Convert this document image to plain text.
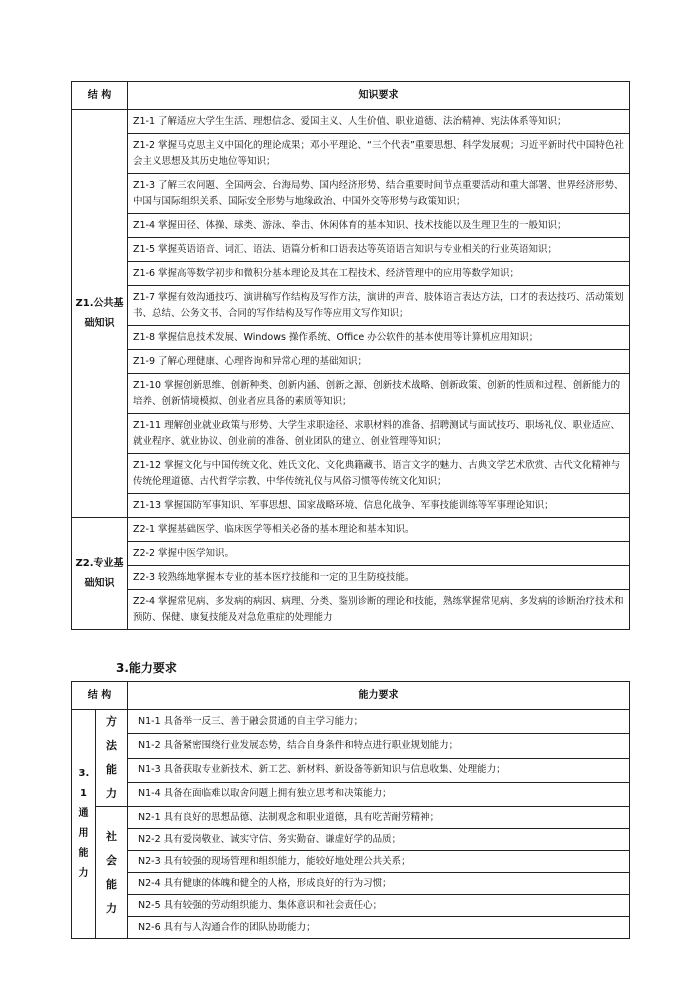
结 构	知识要求
Z1.公共基础知识	Z1-1 了解适应大学生生活、理想信念、爱国主义、人生价值、职业道德、法治精神、宪法体系等知识；
	Z1-2 掌握马克思主义中国化的理论成果；邓小平理论、“三个代表”重要思想、科学发展观；习近平新时代中国特色社会主义思想及其历史地位等知识；
	Z1-3 了解三农问题、全国两会、台海局势、国内经济形势、结合重要时间节点重要活动和重大部署、世界经济形势、中国与国际组织关系、国际安全形势与地缘政治、中国外交等形势与政策知识；
	Z1-4 掌握田径、体操、球类、游泳、拳击、休闲体育的基本知识、技术技能以及生理卫生的一般知识；
	Z1-5 掌握英语语音、词汇、语法、语篇分析和口语表达等英语语言知识与专业相关的行业英语知识；
	Z1-6 掌握高等数学初步和微积分基本理论及其在工程技术、经济管理中的应用等数学知识；
	Z1-7 掌握有效沟通技巧、演讲稿写作结构及写作方法，演讲的声音、肢体语言表达方法，口才的表达技巧、活动策划书、总结、公务文书、合同的写作结构及写作等应用文写作知识；
	Z1-8 掌握信息技术发展、Windows 操作系统、Office 办公软件的基本使用等计算机应用知识；
	Z1-9 了解心理健康、心理咨询和异常心理的基础知识；
	Z1-10 掌握创新思维、创新种类、创新内涵、创新之源、创新技术战略、创新政策、创新的性质和过程、创新能力的培养、创新情境模拟、创业者应具备的素质等知识；
	Z1-11 理解创业就业政策与形势、大学生求职途径、求职材料的准备、招聘测试与面试技巧、职场礼仪、职业适应、就业程序、就业协议、创业前的准备、创业团队的建立、创业管理等知识；
	Z1-12 掌握文化与中国传统文化、姓氏文化、文化典籍藏书、语言文字的魅力、古典文学艺术欣赏、古代文化精神与传统伦理道德、古代哲学宗教、中华传统礼仪与风俗习惯等传统文化知识；
	Z1-13 掌握国防军事知识、军事思想、国家战略环境、信息化战争、军事技能训练等军事理论知识；
Z2.专业基础知识	Z2-1 掌握基础医学、临床医学等相关必备的基本理论和基本知识。
	Z2-2 掌握中医学知识。
	Z2-3 较熟练地掌握本专业的基本医疗技能和一定的卫生防疫技能。
	Z2-4 掌握常见病、多发病的病因、病理、分类、鉴别诊断的理论和技能，熟练掌握常见病、多发病的诊断治疗技术和预防、保健、康复技能及对急危重症的处理能力
3.能力要求
结 构		能力要求
3.1通用能力	方法能力	N1-1 具备举一反三、善于融会贯通的自主学习能力；
		N1-2 具备紧密围绕行业发展态势，结合自身条件和特点进行职业规划能力；
		N1-3 具备获取专业新技术、新工艺、新材料、新设备等新知识与信息收集、处理能力；
		N1-4 具备在面临难以取舍问题上拥有独立思考和决策能力；
	社会能力	N2-1 具有良好的思想品德、法制观念和职业道德，具有吃苦耐劳精神；
		N2-2 具有爱岗敬业、诚实守信、务实勤奋、谦虚好学的品质；
		N2-3 具有较强的现场管理和组织能力，能较好地处理公共关系；
		N2-4 具有健康的体魄和健全的人格，形成良好的行为习惯；
		N2-5 具有较强的劳动组织能力、集体意识和社会责任心；
		N2-6 具有与人沟通合作的团队协助能力；
